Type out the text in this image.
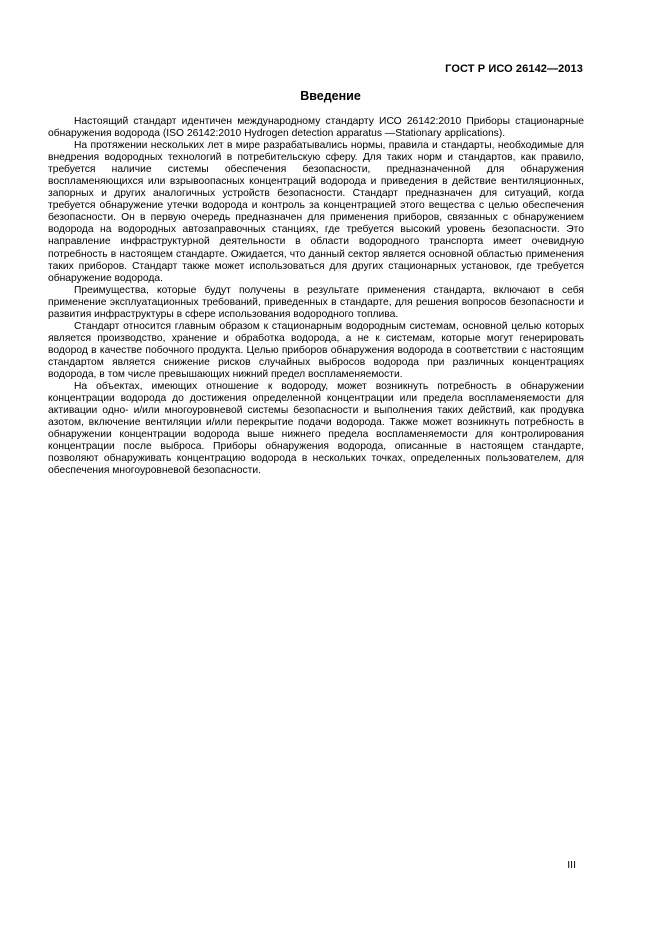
ГОСТ Р ИСО 26142—2013
Введение

Настоящий стандарт идентичен международному стандарту ИСО 26142:2010 Приборы стационарные обнаружения водорода (ISO 26142:2010 Hydrogen detection apparatus —Stationary applications).

На протяжении нескольких лет в мире разрабатывались нормы, правила и стандарты, необходимые для внедрения водородных технологий в потребительскую сферу. Для таких норм и стандартов, как правило, требуется наличие системы обеспечения безопасности, предназначенной для обнаружения воспламеняющихся или взрывоопасных концентраций водорода и приведения в действие вентиляционных, запорных и других аналогичных устройств безопасности. Стандарт предназначен для ситуаций, когда требуется обнаружение утечки водорода и контроль за концентрацией этого вещества с целью обеспечения безопасности. Он в первую очередь предназначен для применения приборов, связанных с обнаружением водорода на водородных автозаправочных станциях, где требуется высокий уровень безопасности. Это направление инфраструктурной деятельности в области водородного транспорта имеет очевидную потребность в настоящем стандарте. Ожидается, что данный сектор является основной областью применения таких приборов. Стандарт также может использоваться для других стационарных установок, где требуется обнаружение водорода.

Преимущества, которые будут получены в результате применения стандарта, включают в себя применение эксплуатационных требований, приведенных в стандарте, для решения вопросов безопасности и развития инфраструктуры в сфере использования водородного топлива.

Стандарт относится главным образом к стационарным водородным системам, основной целью которых является производство, хранение и обработка водорода, а не к системам, которые могут генерировать водород в качестве побочного продукта. Целью приборов обнаружения водорода в соответствии с настоящим стандартом является снижение рисков случайных выбросов водорода при различных концентрациях водорода, в том числе превышающих нижний предел воспламеняемости.

На объектах, имеющих отношение к водороду, может возникнуть потребность в обнаружении концентрации водорода до достижения определенной концентрации или предела воспламеняемости для активации одно- и/или многоуровневой системы безопасности и выполнения таких действий, как продувка азотом, включение вентиляции и/или перекрытие подачи водорода. Также может возникнуть потребность в обнаружении концентрации водорода выше нижнего предела воспламеняемости для контролирования концентрации после выброса. Приборы обнаружения водорода, описанные в настоящем стандарте, позволяют обнаруживать концентрацию водорода в нескольких точках, определенных пользователем, для обеспечения многоуровневой безопасности.

III
